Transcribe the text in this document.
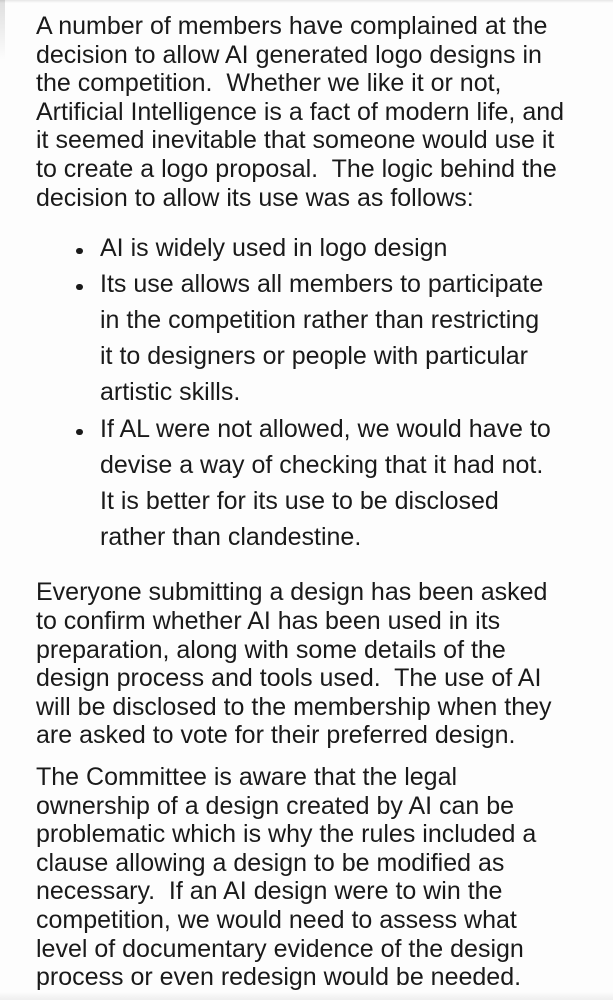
A number of members have complained at the
decision to allow AI generated logo designs in
the competition.  Whether we like it or not,
Artificial Intelligence is a fact of modern life, and
it seemed inevitable that someone would use it
to create a logo proposal.  The logic behind the
decision to allow its use was as follows:
AI is widely used in logo design
Its use allows all members to participate
in the competition rather than restricting
it to designers or people with particular
artistic skills.
If AL were not allowed, we would have to
devise a way of checking that it had not.
It is better for its use to be disclosed
rather than clandestine.
Everyone submitting a design has been asked
to confirm whether AI has been used in its
preparation, along with some details of the
design process and tools used.  The use of AI
will be disclosed to the membership when they
are asked to vote for their preferred design.
The Committee is aware that the legal
ownership of a design created by AI can be
problematic which is why the rules included a
clause allowing a design to be modified as
necessary.  If an AI design were to win the
competition, we would need to assess what
level of documentary evidence of the design
process or even redesign would be needed.
